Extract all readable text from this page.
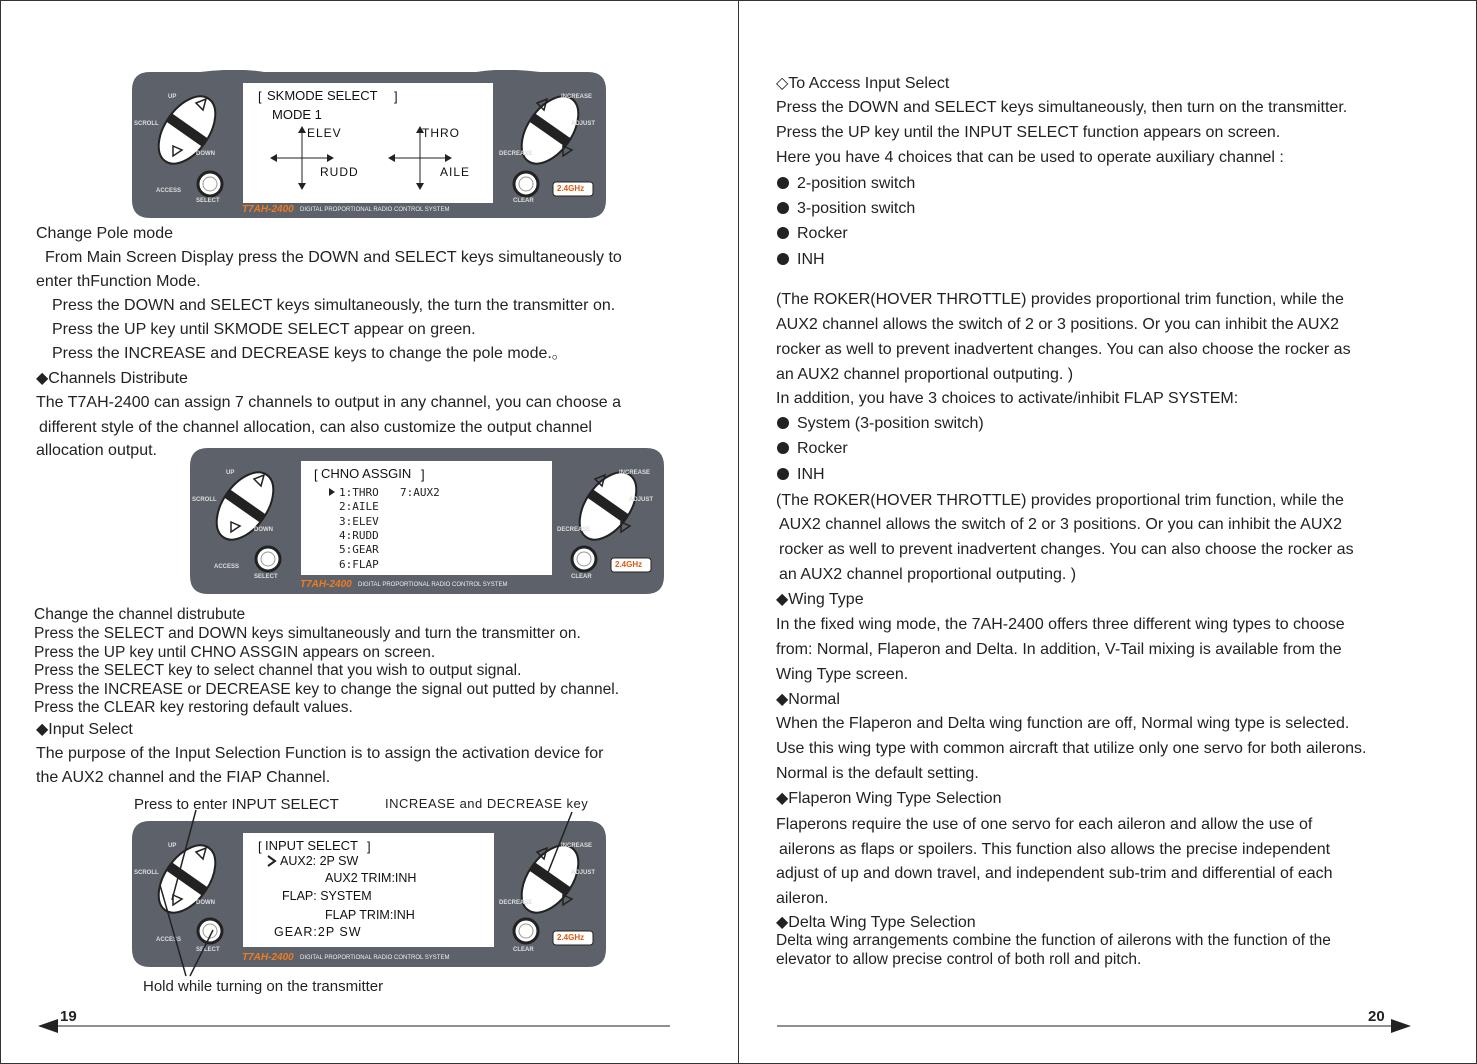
[ SKMODE SELECT ]
MODE 1
ELEV	THRO
RUDD	AILE
UP
SCROLL
DOWN
ACCESS
SELECT
INCREASE
ADJUST
DECREASE
CLEAR
T7AH-2400 DIGITAL PROPORTIONAL RADIO CONTROL SYSTEM
2.4GHz
Change Pole mode
From Main Screen Display press the DOWN and SELECT keys simultaneously to
enter thFunction Mode.
Press the DOWN and SELECT keys simultaneously, the turn the transmitter on.
Press the UP key until SKMODE SELECT appear on green.
Press the INCREASE and DECREASE keys to change the pole mode.。
◆Channels Distribute
The T7AH-2400 can assign 7 channels to output in any channel, you can choose a
different style of the channel allocation, can also customize the output channel
allocation output.
[ CHNO ASSGIN ]
1:THRO 7:AUX2
2:AILE
3:ELEV
4:RUDD
5:GEAR
6:FLAP
UP
SCROLL
DOWN
ACCESS
SELECT
INCREASE
ADJUST
DECREASE
CLEAR
T7AH-2400 DIGITAL PROPORTIONAL RADIO CONTROL SYSTEM
2.4GHz
Change the channel distrubute
Press the SELECT and DOWN keys simultaneously and turn the transmitter on.
Press the UP key until CHNO ASSGIN appears on screen.
Press the SELECT key to select channel that you wish to output signal.
Press the INCREASE or DECREASE key to change the signal out putted by channel.
Press the CLEAR key restoring default values.
◆Input Select
The purpose of the Input Selection Function is to assign the activation device for
the AUX2 channel and the FIAP Channel.
Press to enter INPUT SELECT	INCREASE and DECREASE key
[ INPUT SELECT ]
AUX2: 2P SW
AUX2 TRIM:INH
FLAP: SYSTEM
FLAP TRIM:INH
GEAR:2P SW
UP
SCROLL
DOWN
ACCESS
SELECT
INCREASE
ADJUST
DECREASE
CLEAR
T7AH-2400 DIGITAL PROPORTIONAL RADIO CONTROL SYSTEM
2.4GHz
Hold while turning on the transmitter
19
◇To Access Input Select
Press the DOWN and SELECT keys simultaneously, then turn on the transmitter.
Press the UP key until the INPUT SELECT function appears on screen.
Here you have 4 choices that can be used to operate auxiliary channel :
2-position switch
3-position switch
Rocker
INH
(The ROKER(HOVER THROTTLE) provides proportional trim function, while the
AUX2 channel allows the switch of 2 or 3 positions. Or you can inhibit the AUX2
rocker as well to prevent inadvertent changes. You can also choose the rocker as
an AUX2 channel proportional outputing. )
In addition, you have 3 choices to activate/inhibit FLAP SYSTEM:
System (3-position switch)
Rocker
INH
(The ROKER(HOVER THROTTLE) provides proportional trim function, while the
AUX2 channel allows the switch of 2 or 3 positions. Or you can inhibit the AUX2
rocker as well to prevent inadvertent changes. You can also choose the rocker as
an AUX2 channel proportional outputing. )
◆Wing Type
In the fixed wing mode, the 7AH-2400 offers three different wing types to choose
from: Normal, Flaperon and Delta. In addition, V-Tail mixing is available from the
Wing Type screen.
◆Normal
When the Flaperon and Delta wing function are off, Normal wing type is selected.
Use this wing type with common aircraft that utilize only one servo for both ailerons.
Normal is the default setting.
◆Flaperon Wing Type Selection
Flaperons require the use of one servo for each aileron and allow the use of
ailerons as flaps or spoilers. This function also allows the precise independent
adjust of up and down travel, and independent sub-trim and differential of each
aileron.
◆Delta Wing Type Selection
Delta wing arrangements combine the function of ailerons with the function of the
elevator to allow precise control of both roll and pitch.
20
